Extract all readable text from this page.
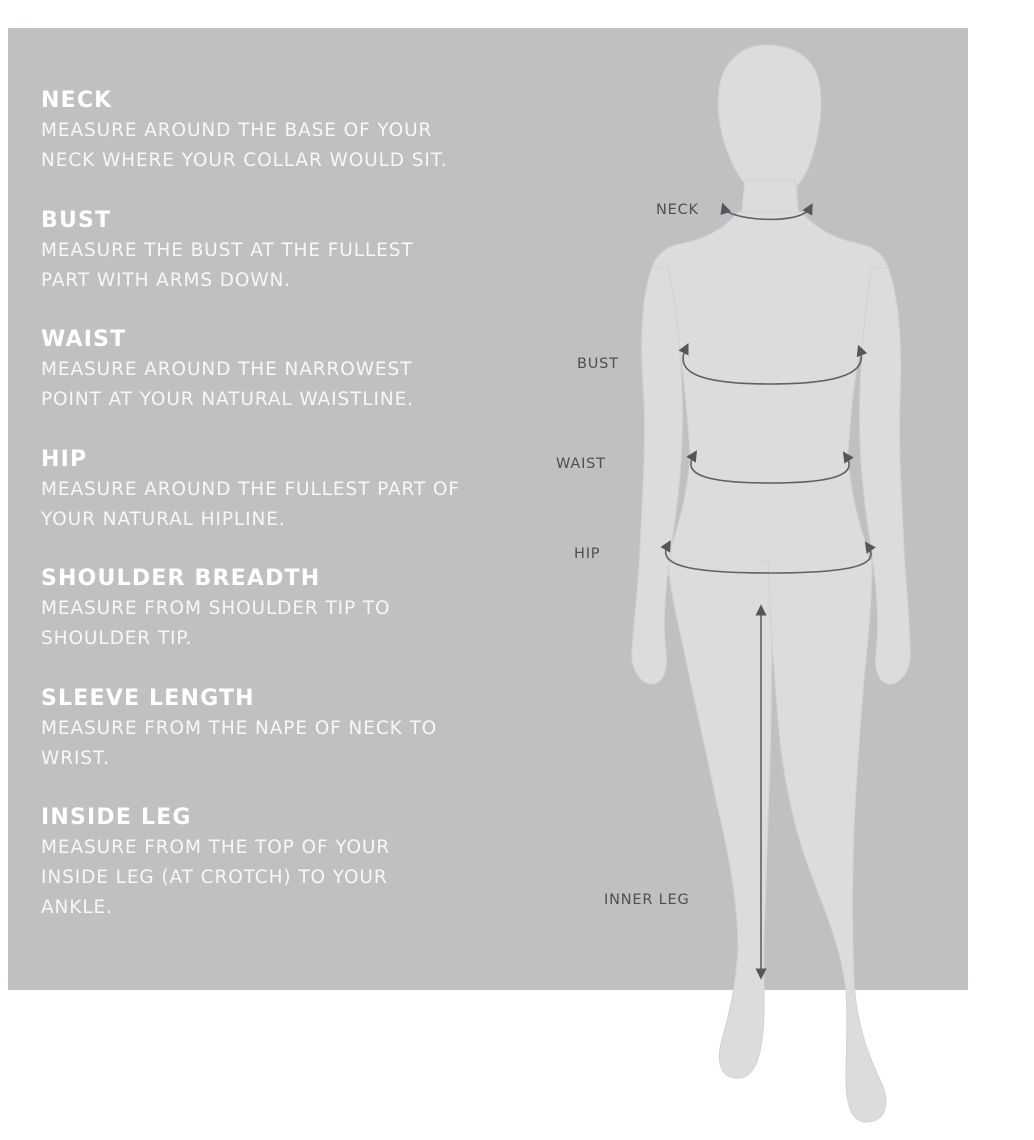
NECK
MEASURE AROUND THE BASE OF YOUR
NECK WHERE YOUR COLLAR WOULD SIT.
BUST
MEASURE THE BUST AT THE FULLEST
PART WITH ARMS DOWN.
WAIST
MEASURE AROUND THE NARROWEST
POINT AT YOUR NATURAL WAISTLINE.
HIP
MEASURE AROUND THE FULLEST PART OF
YOUR NATURAL HIPLINE.
SHOULDER BREADTH
MEASURE FROM SHOULDER TIP TO
SHOULDER TIP.
SLEEVE LENGTH
MEASURE FROM THE NAPE OF NECK TO
WRIST.
INSIDE LEG
MEASURE FROM THE TOP OF YOUR
INSIDE LEG (AT CROTCH) TO YOUR
ANKLE.
NECK
BUST
WAIST
HIP
INNER LEG
